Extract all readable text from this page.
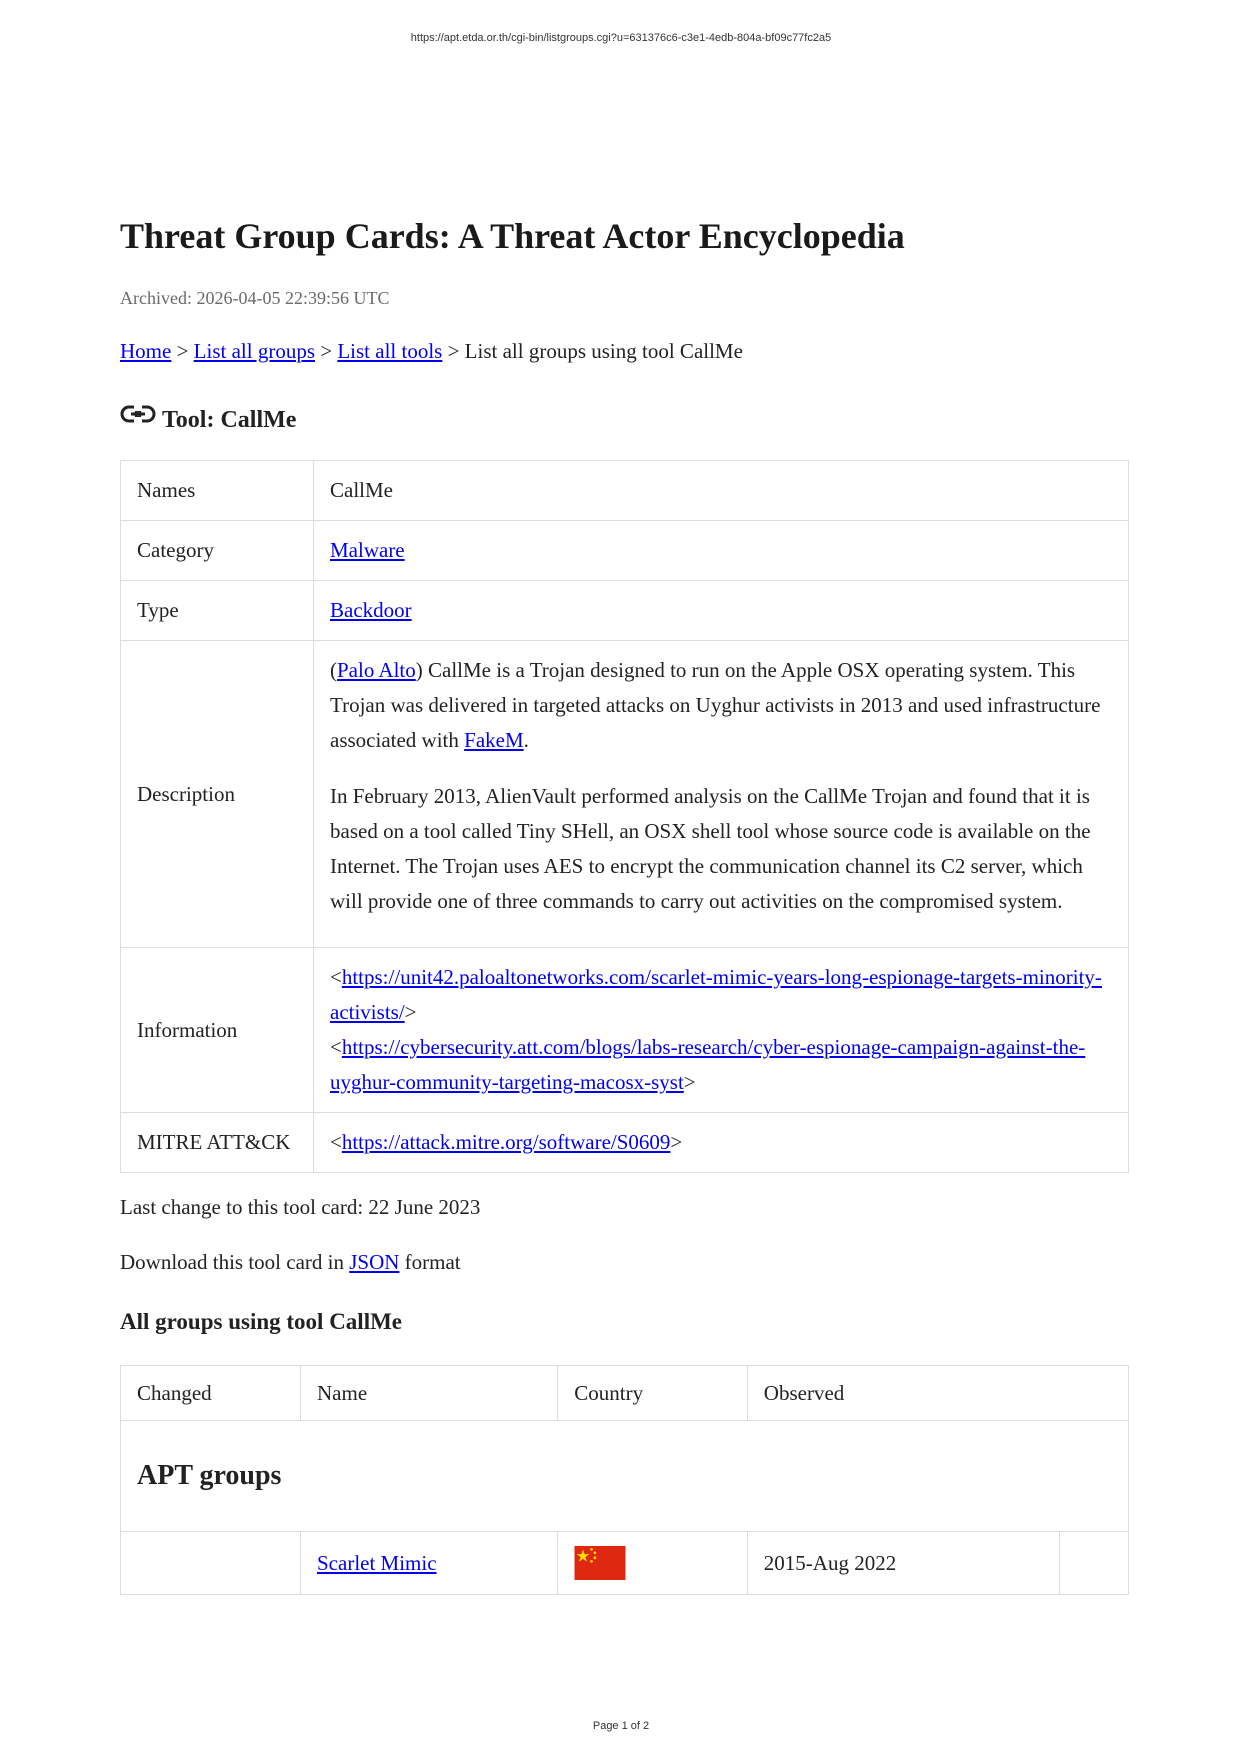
https://apt.etda.or.th/cgi-bin/listgroups.cgi?u=631376c6-c3e1-4edb-804a-bf09c77fc2a5
Threat Group Cards: A Threat Actor Encyclopedia
Archived: 2026-04-05 22:39:56 UTC
Home > List all groups > List all tools > List all groups using tool CallMe
Tool: CallMe
Names	CallMe
Category	Malware
Type	Backdoor
Description	(Palo Alto) CallMe is a Trojan designed to run on the Apple OSX operating system. This Trojan was delivered in targeted attacks on Uyghur activists in 2013 and used infrastructure associated with FakeM.

In February 2013, AlienVault performed analysis on the CallMe Trojan and found that it is based on a tool called Tiny SHell, an OSX shell tool whose source code is available on the Internet. The Trojan uses AES to encrypt the communication channel its C2 server, which will provide one of three commands to carry out activities on the compromised system.

Information	<https://unit42.paloaltonetworks.com/scarlet-mimic-years-long-espionage-targets-minority-activists/>
<https://cybersecurity.att.com/blogs/labs-research/cyber-espionage-campaign-against-the-uyghur-community-targeting-macosx-syst>

MITRE ATT&CK	<https://attack.mitre.org/software/S0609>
Last change to this tool card: 22 June 2023
Download this tool card in JSON format
All groups using tool CallMe
Changed	Name	Country	Observed	
APT groups				
	Scarlet Mimic		2015-Aug 2022	
Page 1 of 2
